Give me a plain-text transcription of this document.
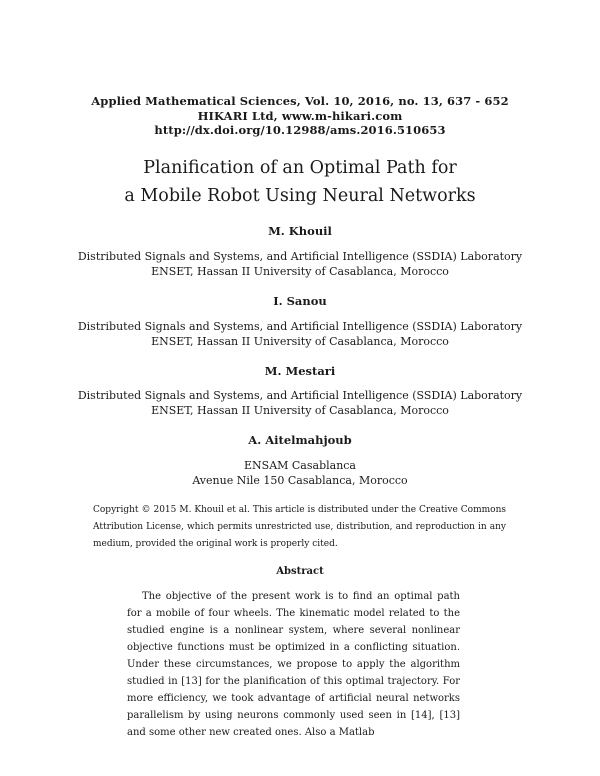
Applied Mathematical Sciences, Vol. 10, 2016, no. 13, 637 - 652
HIKARI Ltd, www.m-hikari.com
http://dx.doi.org/10.12988/ams.2016.510653
Planification of an Optimal Path for
a Mobile Robot Using Neural Networks
M. Khouil
Distributed Signals and Systems, and Artificial Intelligence (SSDIA) Laboratory
ENSET, Hassan II University of Casablanca, Morocco
I. Sanou
Distributed Signals and Systems, and Artificial Intelligence (SSDIA) Laboratory
ENSET, Hassan II University of Casablanca, Morocco
M. Mestari
Distributed Signals and Systems, and Artificial Intelligence (SSDIA) Laboratory
ENSET, Hassan II University of Casablanca, Morocco
A. Aitelmahjoub
ENSAM Casablanca
Avenue Nile 150 Casablanca, Morocco
Copyright © 2015 M. Khouil et al. This article is distributed under the Creative Commons Attribution License, which permits unrestricted use, distribution, and reproduction in any medium, provided the original work is properly cited.
Abstract

The objective of the present work is to find an optimal path for a mobile of four wheels. The kinematic model related to the studied engine is a nonlinear system, where several nonlinear objective functions must be optimized in a conflicting situation. Under these circumstances, we propose to apply the algorithm studied in [13] for the planification of this optimal trajectory. For more efficiency, we took advantage of artificial neural networks parallelism by using neurons commonly used seen in [14], [13] and some other new created ones. Also a Matlab
